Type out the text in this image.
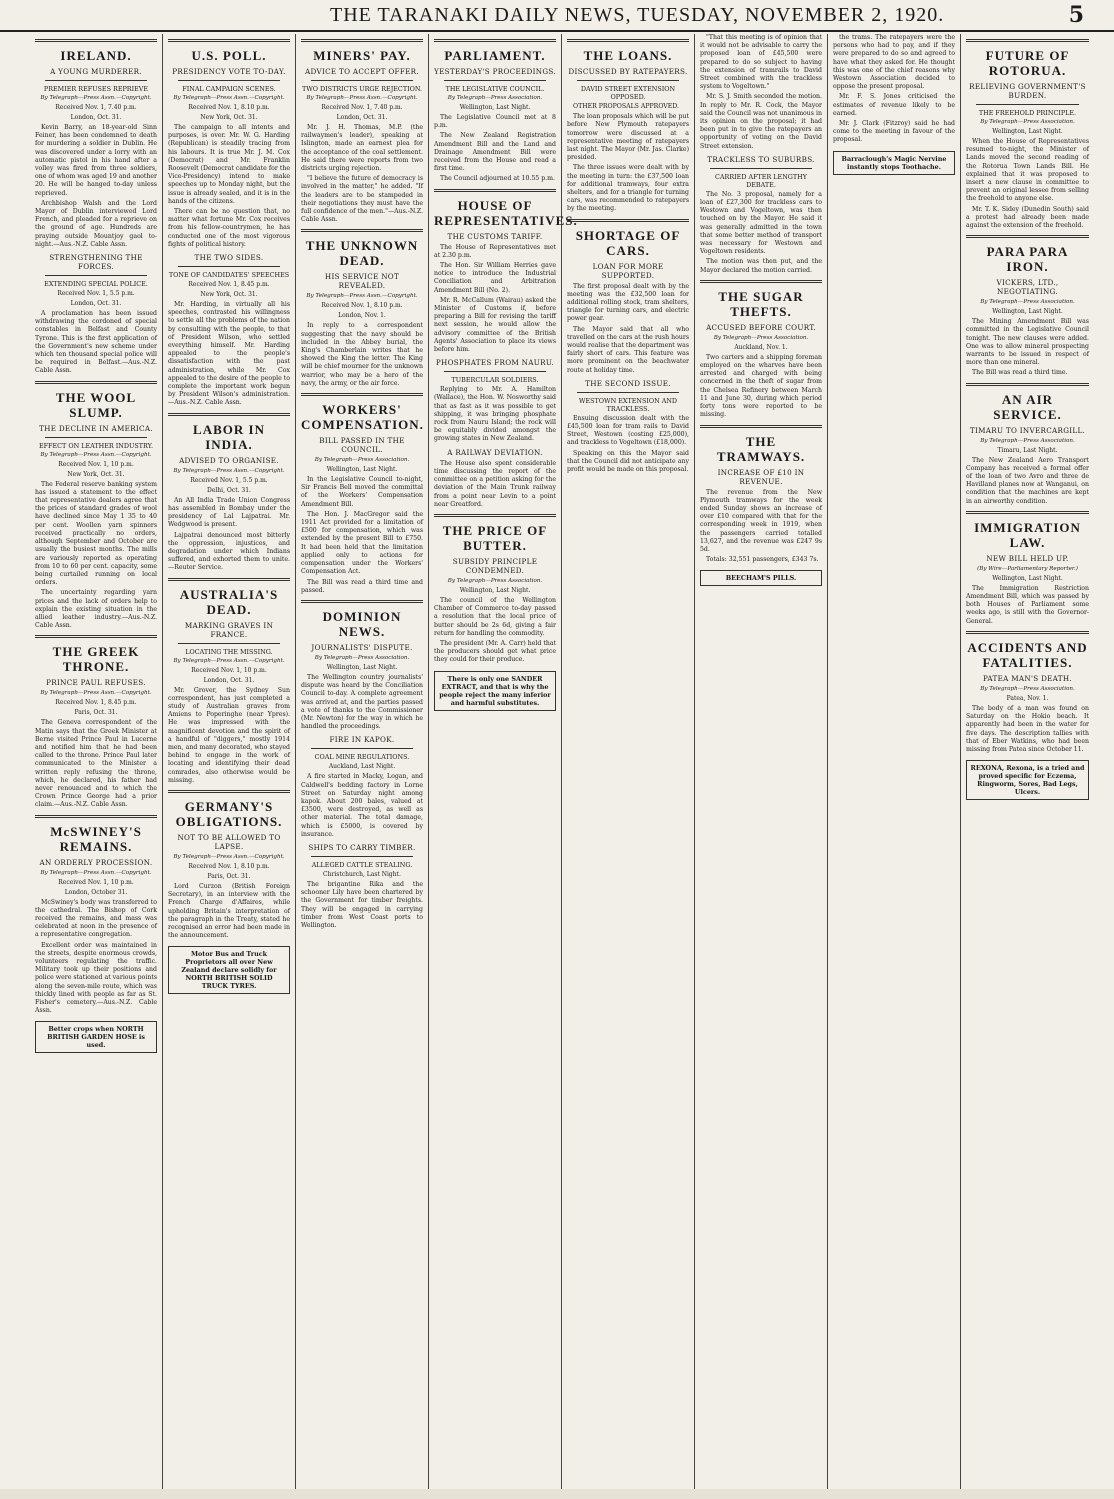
THE TARANAKI DAILY NEWS, TUESDAY, NOVEMBER 2, 1920.	5
IRELAND.
A YOUNG MURDERER.
PREMIER REFUSES REPRIEVE
By Telegraph—Press Assn.—Copyright.
Received Nov. 1, 7.40 p.m.
London, Oct. 31.

Kevin Barry, an 18-year-old Sinn Feiner, has been condemned to death for murdering a soldier in Dublin. He was discovered under a lorry with an automatic pistol in his hand after a volley was fired from three soldiers, one of whom was aged 19 and another 20. He will be hanged to-day unless reprieved.

Archbishop Walsh and the Lord Mayor of Dublin interviewed Lord French, and pleaded for a reprieve on the ground of age. Hundreds are praying outside Mountjoy gaol to-night.—Aus.-N.Z. Cable Assn.

STRENGTHENING THE FORCES.
EXTENDING SPECIAL POLICE.
Received Nov. 1, 5.5 p.m.
London, Oct. 31.

A proclamation has been issued withdrawing the cordoned of special constables in Belfast and County Tyrone. This is the first application of the Government's new scheme under which ten thousand special police will be required in Belfast.—Aus.-N.Z. Cable Assn.

THE WOOL SLUMP.
THE DECLINE IN AMERICA.
EFFECT ON LEATHER INDUSTRY.
By Telegraph—Press Assn.—Copyright.
Received Nov. 1, 10 p.m.
New York, Oct. 31.

The Federal reserve banking system has issued a statement to the effect that representative dealers agree that the prices of standard grades of wool have declined since May 1 35 to 40 per cent. Woollen yarn spinners received practically no orders, although September and October are usually the busiest months. The mills are variously reported as operating from 10 to 60 per cent. capacity, some being curtailed running on local orders.

The uncertainty regarding yarn prices and the lack of orders help to explain the existing situation in the allied leather industry.—Aus.-N.Z. Cable Assn.

THE GREEK THRONE.
PRINCE PAUL REFUSES.
By Telegraph—Press Assn.—Copyright.
Received Nov. 1, 8.45 p.m.
Paris, Oct. 31.

The Geneva correspondent of the Matin says that the Greek Minister at Berne visited Prince Paul in Lucerne and notified him that he had been called to the throne. Prince Paul later communicated to the Minister a written reply refusing the throne, which, he declared, his father had never renounced and to which the Crown Prince George had a prior claim.—Aus.-N.Z. Cable Assn.

McSWINEY'S REMAINS.
AN ORDERLY PROCESSION.
By Telegraph—Press Assn.—Copyright.
Received Nov. 1, 10 p.m.
London, October 31.

McSwiney's body was transferred to the cathedral. The Bishop of Cork received the remains, and mass was celebrated at noon in the presence of a representative congregation.

Excellent order was maintained in the streets, despite enormous crowds, volunteers regulating the traffic. Military took up their positions and police were stationed at various points along the seven-mile route, which was thickly lined with people as far as St. Fisher's cemetery.—Aus.-N.Z. Cable Assn.

Better crops when NORTH BRITISH GARDEN HOSE is used.
U.S. POLL.
PRESIDENCY VOTE TO-DAY.
FINAL CAMPAIGN SCENES.
By Telegraph—Press Assn.—Copyright.
Received Nov. 1, 8.10 p.m.
New York, Oct. 31.

The campaign to all intents and purposes, is over. Mr. W. G. Harding (Republican) is steadily tracing from his labours. It is true Mr. J. M. Cox (Democrat) and Mr. Franklin Roosevelt (Democrat candidate for the Vice-Presidency) intend to make speeches up to Monday night, but the issue is already sealed, and it is in the hands of the citizens.

There can be no question that, no matter what fortune Mr. Cox receives from his fellow-countrymen, he has conducted one of the most vigorous fights of political history.

THE TWO SIDES.
TONE OF CANDIDATES' SPEECHES
Received Nov. 1, 8.45 p.m.
New York, Oct. 31.

Mr. Harding, in virtually all his speeches, contrasted his willingness to settle all the problems of the nation by consulting with the people, to that of President Wilson, who settled everything himself. Mr. Harding appealed to the people's dissatisfaction with the past administration, while Mr. Cox appealed to the desire of the people to complete the important work begun by President Wilson's administration.—Aus.-N.Z. Cable Assn.

LABOR IN INDIA.
ADVISED TO ORGANISE.
By Telegraph—Press Assn.—Copyright.
Received Nov. 1, 5.5 p.m.
Delhi, Oct. 31.

An All India Trade Union Congress has assembled in Bombay under the presidency of Lal Lajpatrai. Mr. Wedgwood is present.

Lajpatrai denounced most bitterly the oppression, injustices, and degradation under which Indians suffered, and exhorted them to unite.—Reuter Service.

AUSTRALIA'S DEAD.
MARKING GRAVES IN FRANCE.
LOCATING THE MISSING.
By Telegraph—Press Assn.—Copyright.
Received Nov. 1, 10 p.m.
London, Oct. 31.

Mr. Grover, the Sydney Sun correspondent, has just completed a study of Australian graves from Amiens to Poperinghe (near Ypres). He was impressed with the magnificent devotion and the spirit of a handful of "diggers," mostly 1914 men, and many decorated, who stayed behind to engage in the work of locating and identifying their dead comrades, also otherwise would be missing.

GERMANY'S OBLIGATIONS.
NOT TO BE ALLOWED TO LAPSE.
By Telegraph—Press Assn.—Copyright.
Received Nov. 1, 8.10 p.m.
Paris, Oct. 31.

Lord Curzon (British Foreign Secretary), in an interview with the French Charge d'Affaires, while upholding Britain's interpretation of the paragraph in the Treaty, stated he recognised an error had been made in the announcement.

Motor Bus and Truck Proprietors all over New Zealand declare solidly for NORTH BRITISH SOLID TRUCK TYRES.
MINERS' PAY.
ADVICE TO ACCEPT OFFER.
TWO DISTRICTS URGE REJECTION.
By Telegraph—Press Assn.—Copyright.
Received Nov. 1, 7.40 p.m.
London, Oct. 31.

Mr. J. H. Thomas, M.P. (the railwaymen's leader), speaking at Islington, made an earnest plea for the acceptance of the coal settlement. He said there were reports from two districts urging rejection.

"I believe the future of democracy is involved in the matter," he added. "If the leaders are to be stampeded in their negotiations they must have the full confidence of the men."—Aus.-N.Z. Cable Assn.

THE UNKNOWN DEAD.
HIS SERVICE NOT REVEALED.
By Telegraph—Press Assn.—Copyright.
Received Nov. 1, 8.10 p.m.
London, Nov. 1.

In reply to a correspondent suggesting that the navy should be included in the Abbey burial, the King's Chamberlain writes that he showed the King the letter. The King will be chief mourner for the unknown warrior, who may be a hero of the navy, the army, or the air force.

WORKERS' COMPENSATION.
BILL PASSED IN THE COUNCIL.
By Telegraph—Press Association.
Wellington, Last Night.

In the Legislative Council to-night, Sir Francis Bell moved the committal of the Workers' Compensation Amendment Bill.

The Hon. J. MacGregor said the 1911 Act provided for a limitation of £500 for compensation, which was extended by the present Bill to £750. It had been held that the limitation applied only to actions for compensation under the Workers' Compensation Act.

The Bill was read a third time and passed.

DOMINION NEWS.
JOURNALISTS' DISPUTE.
By Telegraph—Press Association.
Wellington, Last Night.

The Wellington country journalists' dispute was heard by the Conciliation Council to-day. A complete agreement was arrived at, and the parties passed a vote of thanks to the Commissioner (Mr. Newton) for the way in which he handled the proceedings.

FIRE IN KAPOK.
COAL MINE REGULATIONS.
Auckland, Last Night.

A fire started in Macky, Logan, and Caldwell's bedding factory in Lorne Street on Saturday night among kapok. About 200 bales, valued at £3500, were destroyed, as well as other material. The total damage, which is £5000, is covered by insurance.

SHIPS TO CARRY TIMBER.
ALLEGED CATTLE STEALING.
Christchurch, Last Night.

The brigantine Rika and the schooner Lily have been chartered by the Government for timber freights. They will be engaged in carrying timber from West Coast ports to Wellington.

PARLIAMENT.
YESTERDAY'S PROCEEDINGS.
THE LEGISLATIVE COUNCIL.
By Telegraph—Press Association.
Wellington, Last Night.

The Legislative Council met at 8 p.m.

The New Zealand Registration Amendment Bill and the Land and Drainage Amendment Bill were received from the House and read a first time.

The Council adjourned at 10.55 p.m.

HOUSE OF REPRESENTATIVES.
THE CUSTOMS TARIFF.

The House of Representatives met at 2.30 p.m.

The Hon. Sir William Herries gave notice to introduce the Industrial Conciliation and Arbitration Amendment Bill (No. 2).

Mr. R. McCallum (Wairau) asked the Minister of Customs if, before preparing a Bill for revising the tariff next session, he would allow the advisory committee of the British Agents' Association to place its views before him.

PHOSPHATES FROM NAURU.
TUBERCULAR SOLDIERS.

Replying to Mr. A. Hamilton (Wallace), the Hon. W. Nosworthy said that as fast as it was possible to get shipping, it was bringing phosphate rock from Nauru Island; the rock will be equitably divided amongst the growing states in New Zealand.

A RAILWAY DEVIATION.

The House also spent considerable time discussing the report of the committee on a petition asking for the deviation of the Main Trunk railway from a point near Levin to a point near Greatford.

THE PRICE OF BUTTER.
SUBSIDY PRINCIPLE CONDEMNED.
By Telegraph—Press Association.
Wellington, Last Night.

The council of the Wellington Chamber of Commerce to-day passed a resolution that the local price of butter should be 2s 6d, giving a fair return for handling the commodity.

The president (Mr. A. Carr) held that the producers should get what price they could for their produce.

There is only one SANDER EXTRACT, and that is why the people reject the many inferior and harmful substitutes.
THE LOANS.
DISCUSSED BY RATEPAYERS.
DAVID STREET EXTENSION OPPOSED.

OTHER PROPOSALS APPROVED.

The loan proposals which will be put before New Plymouth ratepayers tomorrow were discussed at a representative meeting of ratepayers last night. The Mayor (Mr. Jas. Clarke) presided.

The three issues were dealt with by the meeting in turn: the £37,500 loan for additional tramways, four extra shelters, and for a triangle for turning cars, was recommended to ratepayers by the meeting.

SHORTAGE OF CARS.
LOAN FOR MORE SUPPORTED.

The first proposal dealt with by the meeting was the £32,500 loan for additional rolling stock, tram shelters, triangle for turning cars, and electric power gear.

The Mayor said that all who travelled on the cars at the rush hours would realise that the department was fairly short of cars. This feature was more prominent on the beachwater route at holiday time.

THE SECOND ISSUE.
WESTOWN EXTENSION AND TRACKLESS.

Ensuing discussion dealt with the £45,500 loan for tram rails to David Street, Westown (costing £25,000), and trackless to Vogeltown (£18,000).

Speaking on this the Mayor said that the Council did not anticipate any profit would be made on this proposal.

"That this meeting is of opinion that it would not be advisable to carry the proposed loan of £45,500 were prepared to do so subject to having the extension of tramrails to David Street combined with the trackless system to Vogeltown."

Mr. S. J. Smith seconded the motion. In reply to Mr. R. Cock, the Mayor said the Council was not unanimous in its opinion on the proposal; it had been put in to give the ratepayers an opportunity of voting on the David Street extension.

TRACKLESS TO SUBURBS.
CARRIED AFTER LENGTHY DEBATE.

The No. 3 proposal, namely for a loan of £27,300 for trackless cars to Westown and Vogeltown, was then touched on by the Mayor. He said it was generally admitted in the town that some better method of transport was necessary for Westown and Vogeltown residents.

The motion was then put, and the Mayor declared the motion carried.

THE SUGAR THEFTS.
ACCUSED BEFORE COURT.
By Telegraph—Press Association.
Auckland, Nov. 1.

Two carters and a shipping foreman employed on the wharves have been arrested and charged with being concerned in the theft of sugar from the Chelsea Refinery between March 11 and June 30, during which period forty tons were reported to be missing.

THE TRAMWAYS.
INCREASE OF £10 IN REVENUE.

The revenue from the New Plymouth tramways for the week ended Sunday shows an increase of over £10 compared with that for the corresponding week in 1919, when the passengers carried totalled 13,627, and the revenue was £247 9s 5d.

Totals: 32,551 passengers, £343 7s.

BEECHAM'S PILLS.

the trams. The ratepayers were the persons who had to pay, and if they were prepared to do so and agreed to have what they asked for. He thought this was one of the chief reasons why Westown Association decided to oppose the present proposal.

Mr. F. S. Jones criticised the estimates of revenue likely to be earned.

Mr. J. Clark (Fitzroy) said he had come to the meeting in favour of the proposal.

Barraclough's Magic Nervine instantly stops Toothache.
FUTURE OF ROTORUA.
RELIEVING GOVERNMENT'S BURDEN.
THE FREEHOLD PRINCIPLE.
By Telegraph—Press Association.
Wellington, Last Night.

When the House of Representatives resumed to-night, the Minister of Lands moved the second reading of the Rotorua Town Lands Bill. He explained that it was proposed to insert a new clause in committee to prevent an original lessee from selling the freehold to anyone else.

Mr. T. K. Sidey (Dunedin South) said a protest had already been made against the extension of the freehold.

PARA PARA IRON.
VICKERS, LTD., NEGOTIATING.
By Telegraph—Press Association.
Wellington, Last Night.

The Mining Amendment Bill was committed in the Legislative Council tonight. The new clauses were added. One was to allow mineral prospecting warrants to be issued in respect of more than one mineral.

The Bill was read a third time.

AN AIR SERVICE.
TIMARU TO INVERCARGILL.
By Telegraph—Press Association.
Timaru, Last Night.

The New Zealand Aero Transport Company has received a formal offer of the loan of two Avro and three de Havilland planes now at Wanganui, on condition that the machines are kept in an airworthy condition.

IMMIGRATION LAW.
NEW BILL HELD UP.
(By Wire—Parliamentary Reporter.)
Wellington, Last Night.

The Immigration Restriction Amendment Bill, which was passed by both Houses of Parliament some weeks ago, is still with the Governor-General.

ACCIDENTS AND FATALITIES.
PATEA MAN'S DEATH.
By Telegraph—Press Association.
Patea, Nov. 1.

The body of a man was found on Saturday on the Hokio beach. It apparently had been in the water for five days. The description tallies with that of Eber Watkins, who had been missing from Patea since October 11.

REXONA, Rexona, is a tried and proved specific for Eczema, Ringworm, Sores, Bad Legs, Ulcers.
